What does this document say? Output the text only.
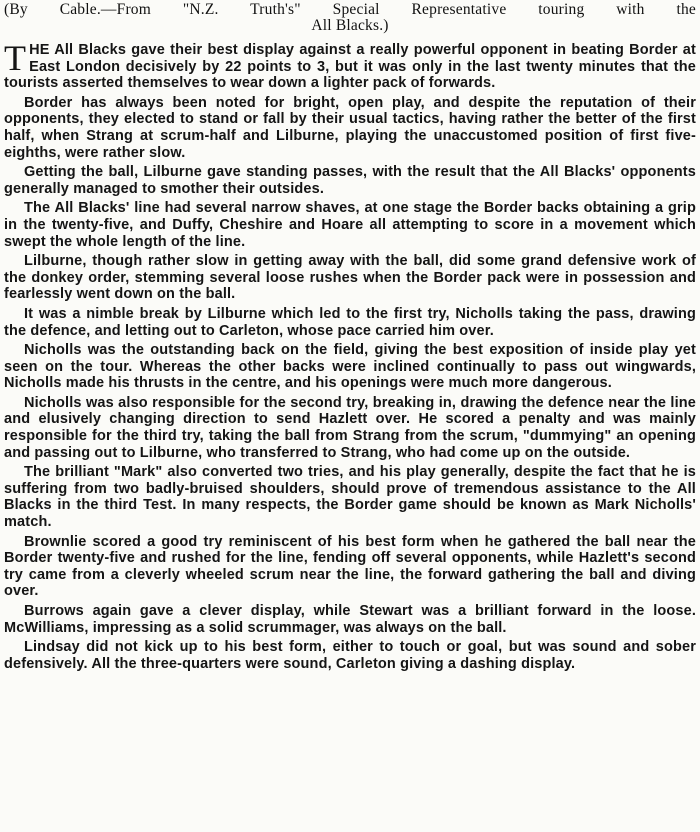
(By Cable.—From "N.Z. Truth's" Special Representative touring with the
All Blacks.)

THE All Blacks gave their best display against a really powerful opponent in beating Border at East London decisively by 22 points to 3, but it was only in the last twenty minutes that the tourists asserted themselves to wear down a lighter pack of forwards.

Border has always been noted for bright, open play, and despite the reputation of their opponents, they elected to stand or fall by their usual tactics, having rather the better of the first half, when Strang at scrum-half and Lilburne, playing the unaccustomed position of first five-eighths, were rather slow.

Getting the ball, Lilburne gave standing passes, with the result that the All Blacks' opponents generally managed to smother their outsides.

The All Blacks' line had several narrow shaves, at one stage the Border backs obtaining a grip in the twenty-five, and Duffy, Cheshire and Hoare all attempting to score in a movement which swept the whole length of the line.

Lilburne, though rather slow in getting away with the ball, did some grand defensive work of the donkey order, stemming several loose rushes when the Border pack were in possession and fearlessly went down on the ball.

It was a nimble break by Lilburne which led to the first try, Nicholls taking the pass, drawing the defence, and letting out to Carleton, whose pace carried him over.

Nicholls was the outstanding back on the field, giving the best exposition of inside play yet seen on the tour. Whereas the other backs were inclined continually to pass out wingwards, Nicholls made his thrusts in the centre, and his openings were much more dangerous.

Nicholls was also responsible for the second try, breaking in, drawing the defence near the line and elusively changing direction to send Hazlett over. He scored a penalty and was mainly responsible for the third try, taking the ball from Strang from the scrum, "dummying" an opening and passing out to Lilburne, who transferred to Strang, who had come up on the outside.

The brilliant "Mark" also converted two tries, and his play generally, despite the fact that he is suffering from two badly-bruised shoulders, should prove of tremendous assistance to the All Blacks in the third Test. In many respects, the Border game should be known as Mark Nicholls' match.

Brownlie scored a good try reminiscent of his best form when he gathered the ball near the Border twenty-five and rushed for the line, fending off several opponents, while Hazlett's second try came from a cleverly wheeled scrum near the line, the forward gathering the ball and diving over.

Burrows again gave a clever display, while Stewart was a brilliant forward in the loose. McWilliams, impressing as a solid scrummager, was always on the ball.

Lindsay did not kick up to his best form, either to touch or goal, but was sound and sober defensively. All the three-quarters were sound, Carleton giving a dashing display.
